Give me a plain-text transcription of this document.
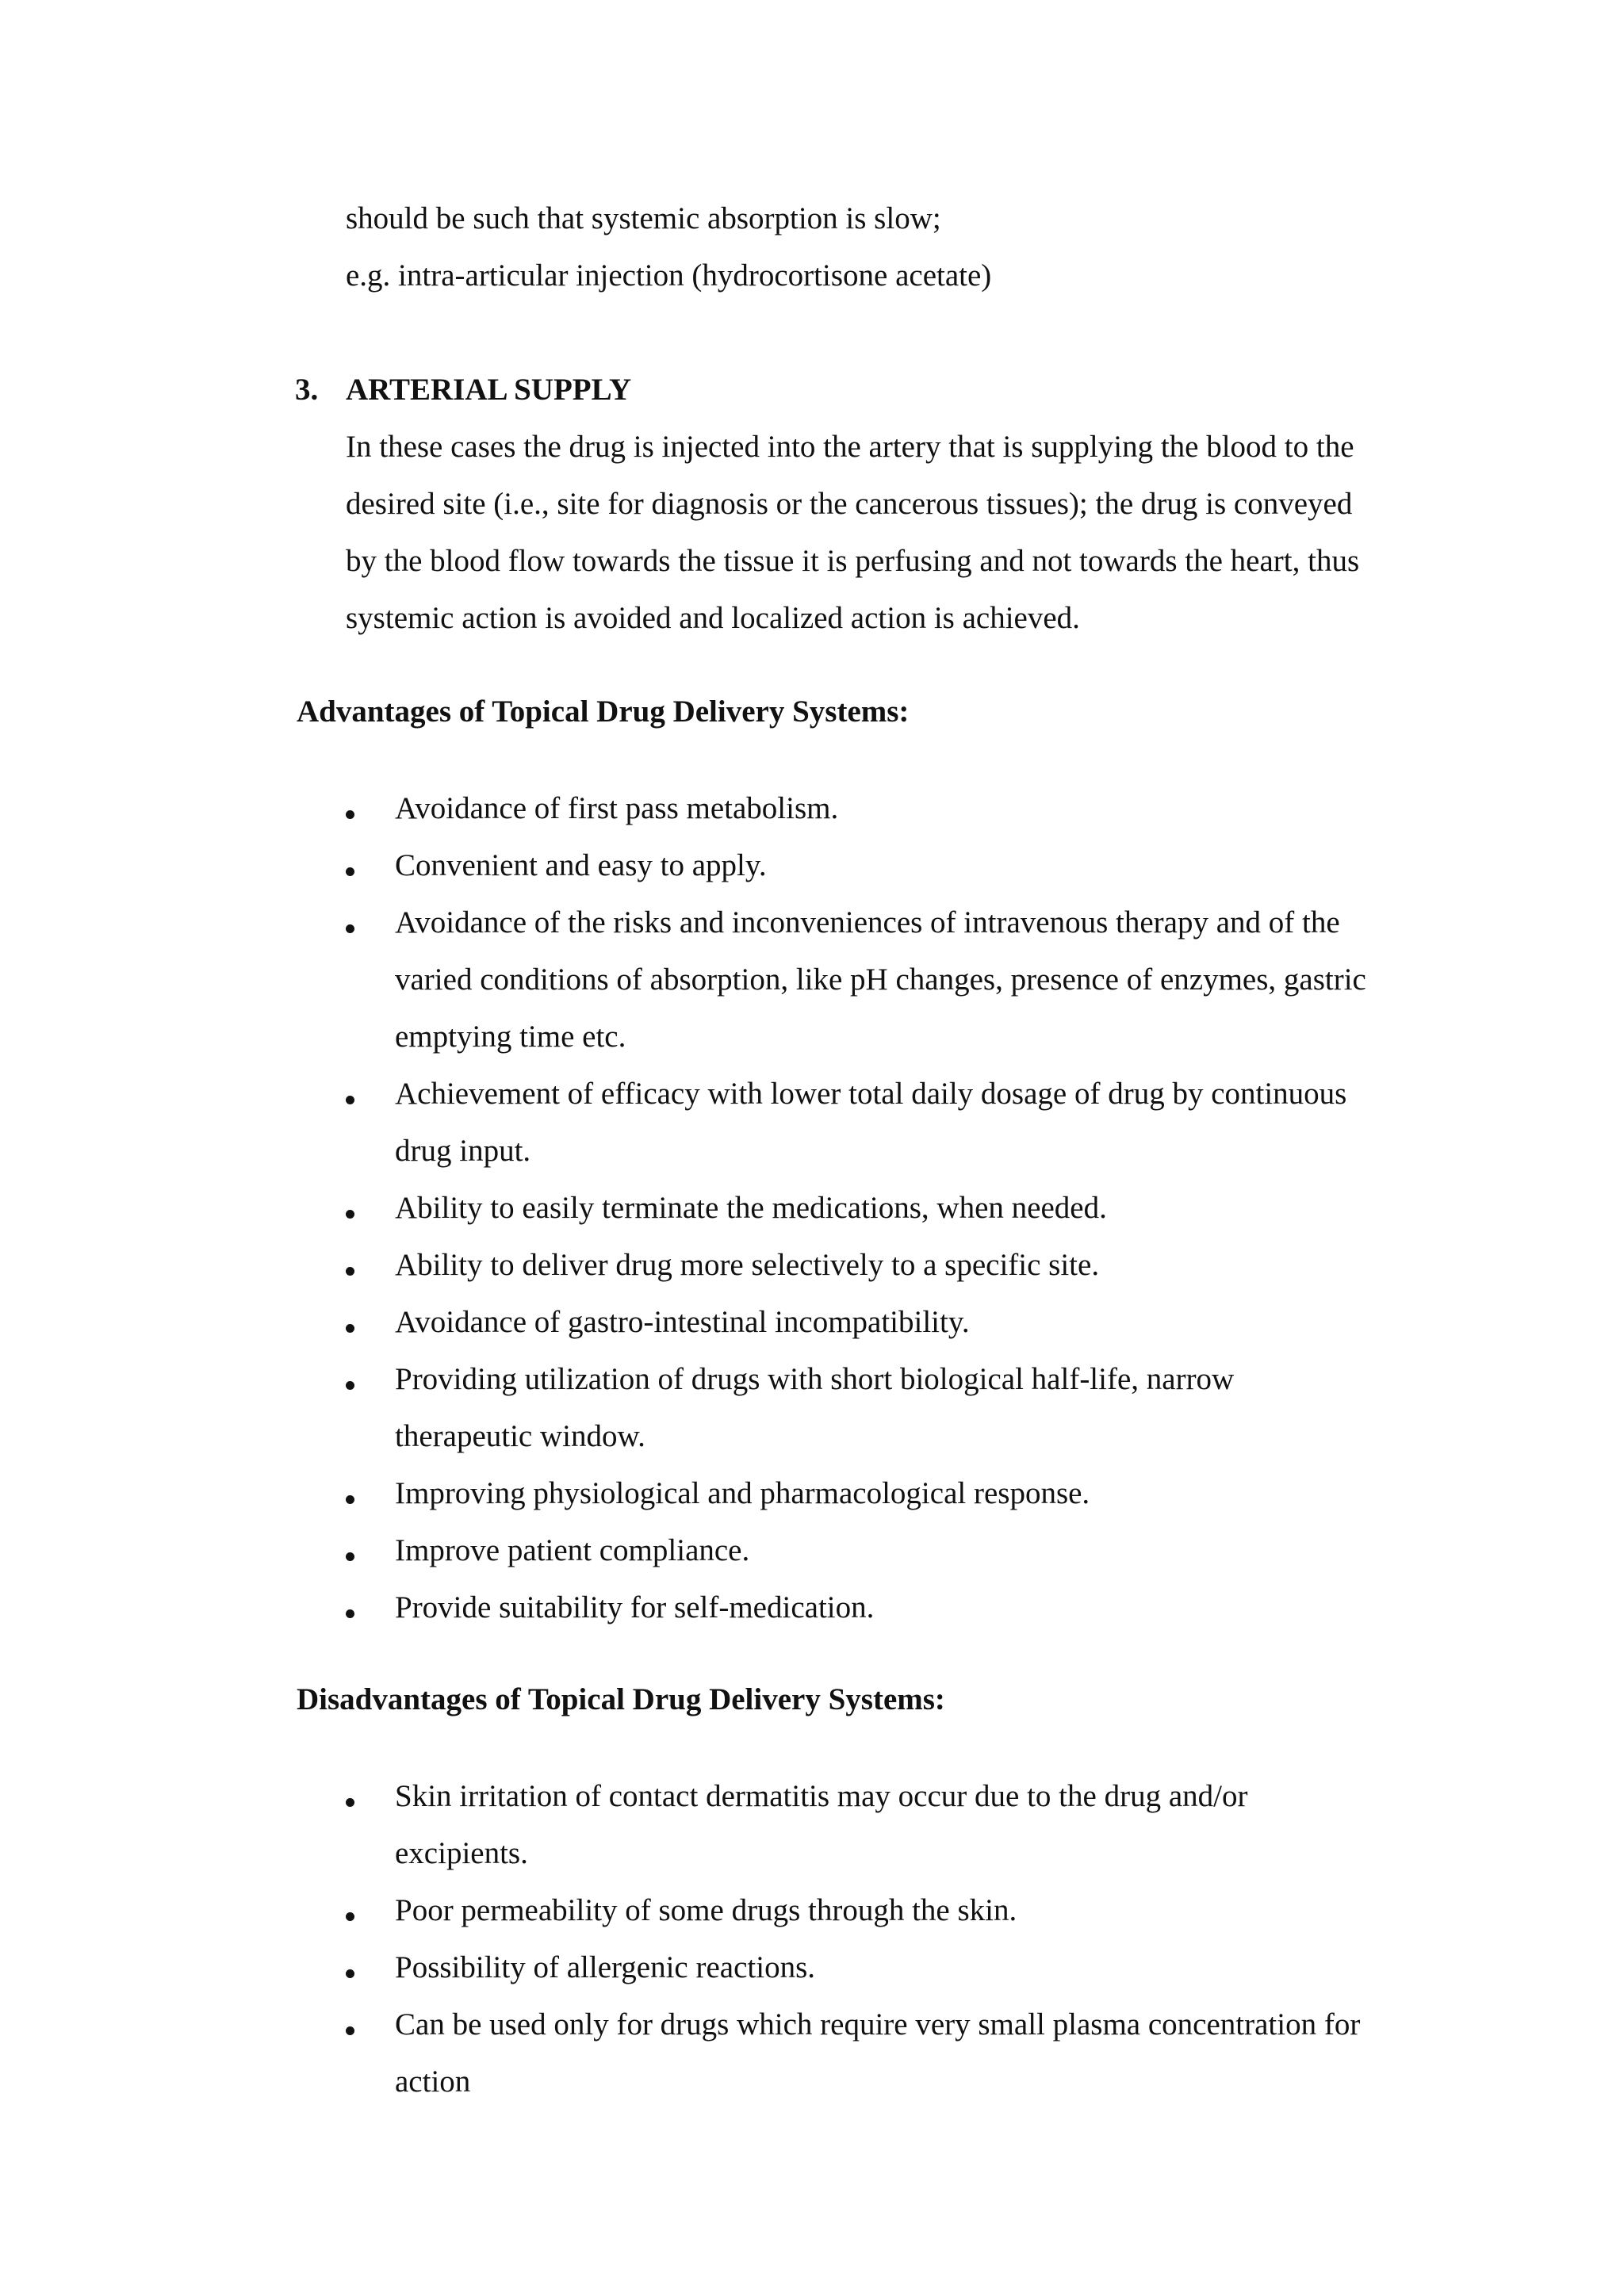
should be such that systemic absorption is slow;
e.g. intra-articular injection (hydrocortisone acetate)
3. ARTERIAL SUPPLY
In these cases the drug is injected into the artery that is supplying the blood to the
desired site (i.e., site for diagnosis or the cancerous tissues); the drug is conveyed
by the blood flow towards the tissue it is perfusing and not towards the heart, thus
systemic action is avoided and localized action is achieved.
Advantages of Topical Drug Delivery Systems:
Avoidance of first pass metabolism.
Convenient and easy to apply.
Avoidance of the risks and inconveniences of intravenous therapy and of the
varied conditions of absorption, like pH changes, presence of enzymes, gastric
emptying time etc.
Achievement of efficacy with lower total daily dosage of drug by continuous
drug input.
Ability to easily terminate the medications, when needed.
Ability to deliver drug more selectively to a specific site.
Avoidance of gastro-intestinal incompatibility.
Providing utilization of drugs with short biological half-life, narrow
therapeutic window.
Improving physiological and pharmacological response.
Improve patient compliance.
Provide suitability for self-medication.
Disadvantages of Topical Drug Delivery Systems:
Skin irritation of contact dermatitis may occur due to the drug and/or
excipients.
Poor permeability of some drugs through the skin.
Possibility of allergenic reactions.
Can be used only for drugs which require very small plasma concentration for
action
